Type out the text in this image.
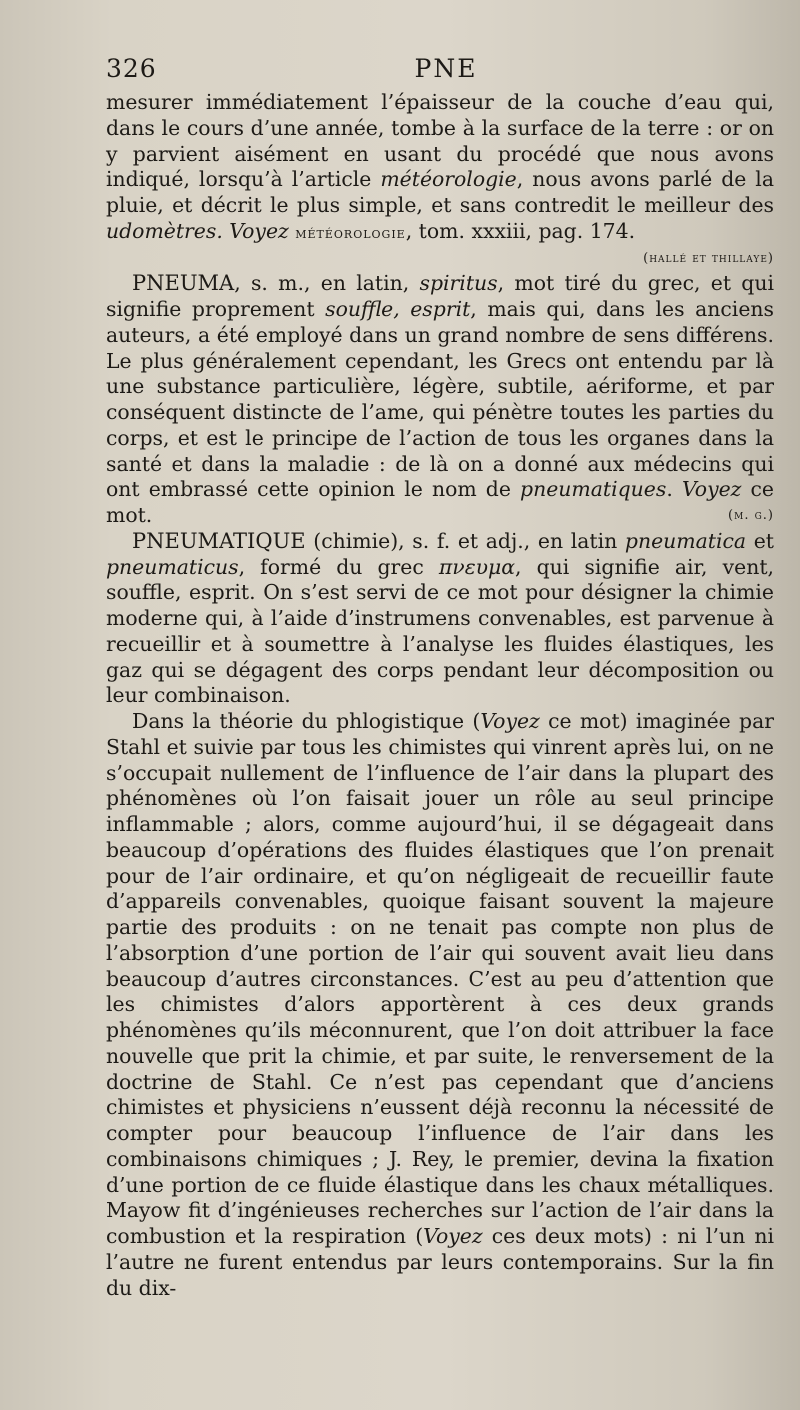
326	PNE

mesurer immédiatement l’épaisseur de la couche d’eau qui, dans le cours d’une année, tombe à la surface de la terre : or on y parvient aisément en usant du procédé que nous avons indiqué, lorsqu’à l’article météorologie, nous avons parlé de la pluie, et décrit le plus simple, et sans contredit le meilleur des udomètres. Voyez météorologie, tom. xxxiii, pag. 174.

(hallé et thillaye)

PNEUMA, s. m., en latin, spiritus, mot tiré du grec, et qui signifie proprement souffle, esprit, mais qui, dans les anciens auteurs, a été employé dans un grand nombre de sens différens. Le plus généralement cependant, les Grecs ont entendu par là une substance particulière, légère, subtile, aériforme, et par conséquent distincte de l’ame, qui pénètre toutes les parties du corps, et est le principe de l’action de tous les organes dans la santé et dans la maladie : de là on a donné aux médecins qui ont embrassé cette opinion le nom de pneumatiques. Voyez ce mot.	(m. g.)

PNEUMATIQUE (chimie), s. f. et adj., en latin pneumatica et pneumaticus, formé du grec πνευμα, qui signifie air, vent, souffle, esprit. On s’est servi de ce mot pour désigner la chimie moderne qui, à l’aide d’instrumens convenables, est parvenue à recueillir et à soumettre à l’analyse les fluides élastiques, les gaz qui se dégagent des corps pendant leur décomposition ou leur combinaison.

Dans la théorie du phlogistique (Voyez ce mot) imaginée par Stahl et suivie par tous les chimistes qui vinrent après lui, on ne s’occupait nullement de l’influence de l’air dans la plupart des phénomènes où l’on faisait jouer un rôle au seul principe inflammable ; alors, comme aujourd’hui, il se dégageait dans beaucoup d’opérations des fluides élastiques que l’on prenait pour de l’air ordinaire, et qu’on négligeait de recueillir faute d’appareils convenables, quoique faisant souvent la majeure partie des produits : on ne tenait pas compte non plus de l’absorption d’une portion de l’air qui souvent avait lieu dans beaucoup d’autres circonstances. C’est au peu d’attention que les chimistes d’alors apportèrent à ces deux grands phénomènes qu’ils méconnurent, que l’on doit attribuer la face nouvelle que prit la chimie, et par suite, le renversement de la doctrine de Stahl. Ce n’est pas cependant que d’anciens chimistes et physiciens n’eussent déjà reconnu la nécessité de compter pour beaucoup l’influence de l’air dans les combinaisons chimiques ; J. Rey, le premier, devina la fixation d’une portion de ce fluide élastique dans les chaux métalliques. Mayow fit d’ingénieuses recherches sur l’action de l’air dans la combustion et la respiration (Voyez ces deux mots) : ni l’un ni l’autre ne furent entendus par leurs contemporains. Sur la fin du dix-
